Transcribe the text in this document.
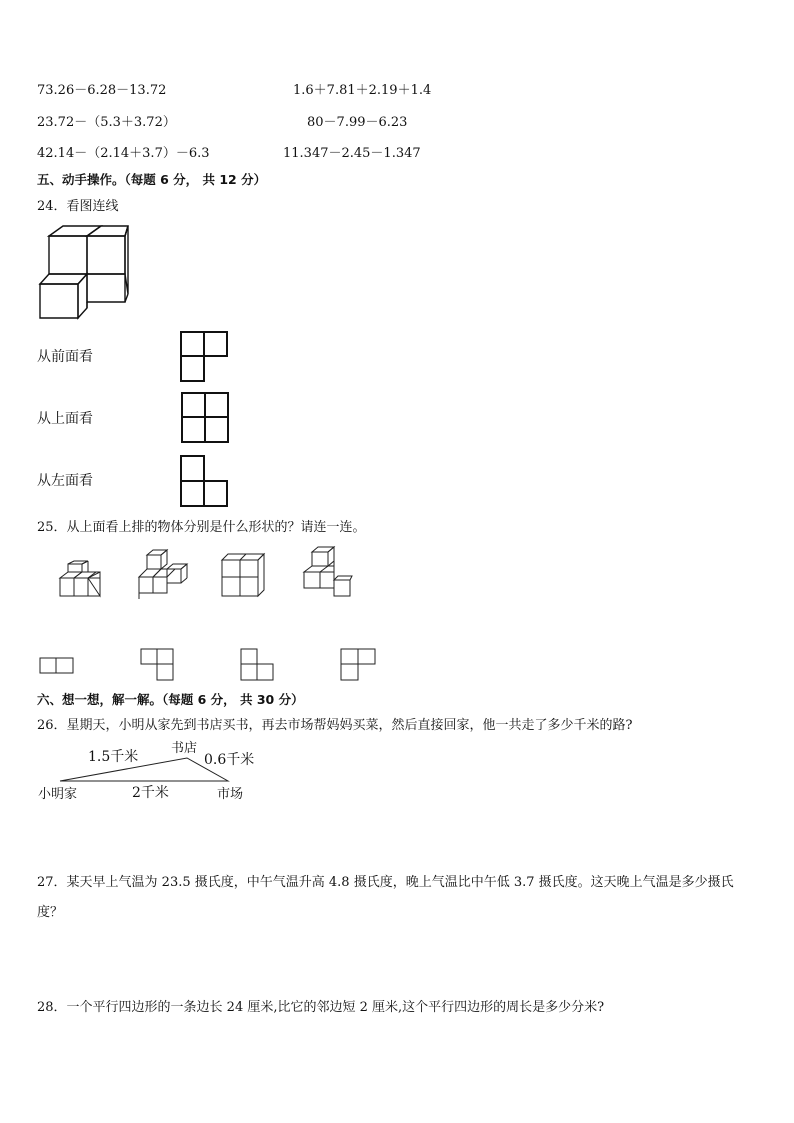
73.26－6.28－13.72	1.6＋7.81＋2.19＋1.4
23.72－（5.3＋3.72）	80－7.99－6.23
42.14－（2.14＋3.7）－6.3	11.347－2.45－1.347
五、动手操作。（每题 6 分， 共 12 分）
24．看图连线
从前面看
从上面看
从左面看
25．从上面看上排的物体分别是什么形状的？请连一连。
六、想一想，解一解。（每题 6 分， 共 30 分）
26．星期天，小明从家先到书店买书，再去市场帮妈妈买菜，然后直接回家，他一共走了多少千米的路?
1.5千米
书店
0.6千米
小明家	2千米	市场
27．某天早上气温为 23.5 摄氏度，中午气温升高 4.8 摄氏度，晚上气温比中午低 3.7 摄氏度。这天晚上气温是多少摄氏
度？
28．一个平行四边形的一条边长 24 厘米,比它的邻边短 2 厘米,这个平行四边形的周长是多少分米?
